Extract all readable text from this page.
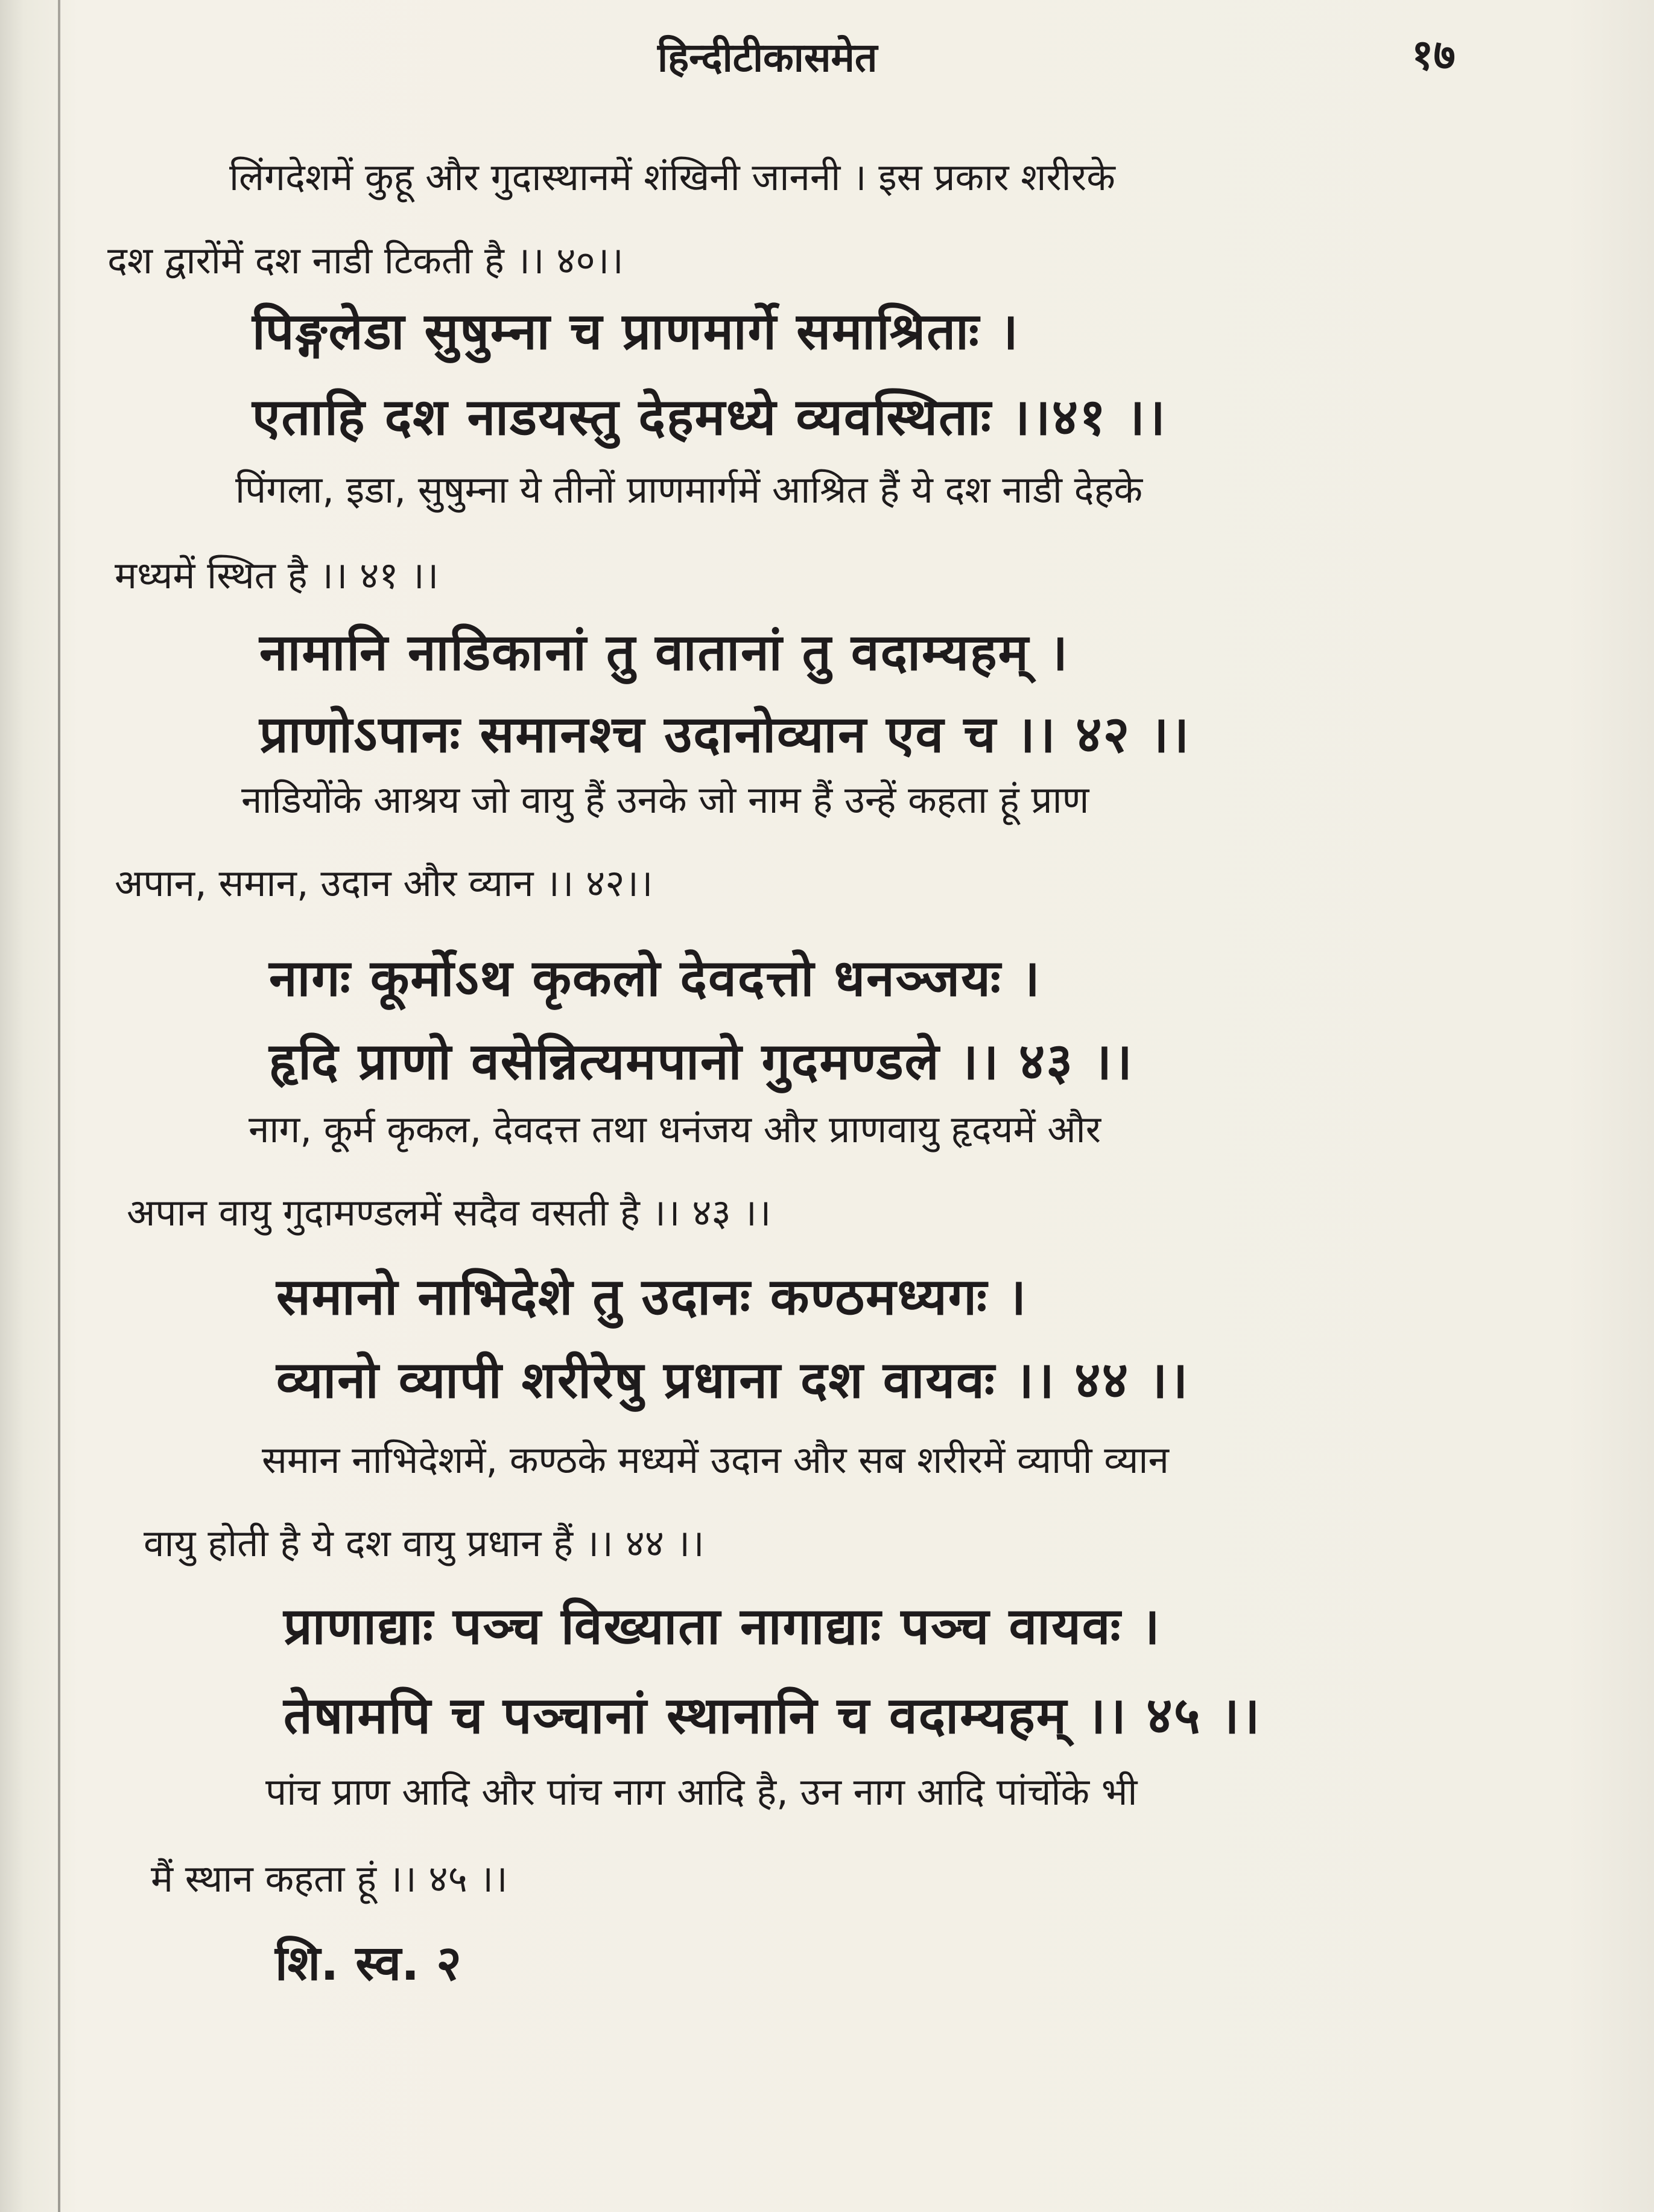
हिन्दीटीकासमेत	१७
लिंगदेशमें कुहू और गुदास्थानमें शंखिनी जाननी । इस प्रकार शरीरके
दश द्वारोंमें दश नाडी टिकती है ।। ४०।।
पिङ्गलेडा सुषुम्ना च प्राणमार्गे समाश्रिताः ।
एताहि दश नाडयस्तु देहमध्ये व्यवस्थिताः ।।४१ ।।
पिंगला, इडा, सुषुम्ना ये तीनों प्राणमार्गमें आश्रित हैं ये दश नाडी देहके
मध्यमें स्थित है ।। ४१ ।।
नामानि नाडिकानां तु वातानां तु वदाम्यहम् ।
प्राणोऽपानः समानश्च उदानोव्यान एव च ।। ४२ ।।
नाडियोंके आश्रय जो वायु हैं उनके जो नाम हैं उन्हें कहता हूं प्राण
अपान, समान, उदान और व्यान ।। ४२।।
नागः कूर्मोऽथ कृकलो देवदत्तो धनञ्जयः ।
हृदि प्राणो वसेन्नित्यमपानो गुदमण्डले ।। ४३ ।।
नाग, कूर्म कृकल, देवदत्त तथा धनंजय और प्राणवायु हृदयमें और
अपान वायु गुदामण्डलमें सदैव वसती है ।। ४३ ।।
समानो नाभिदेशे तु उदानः कण्ठमध्यगः ।
व्यानो व्यापी शरीरेषु प्रधाना दश वायवः ।। ४४ ।।
समान नाभिदेशमें, कण्ठके मध्यमें उदान और सब शरीरमें व्यापी व्यान
वायु होती है ये दश वायु प्रधान हैं ।। ४४ ।।
प्राणाद्याः पञ्च विख्याता नागाद्याः पञ्च वायवः ।
तेषामपि च पञ्चानां स्थानानि च वदाम्यहम् ।। ४५ ।।
पांच प्राण आदि और पांच नाग आदि है, उन नाग आदि पांचोंके भी
मैं स्थान कहता हूं ।। ४५ ।।
शि. स्व. २
